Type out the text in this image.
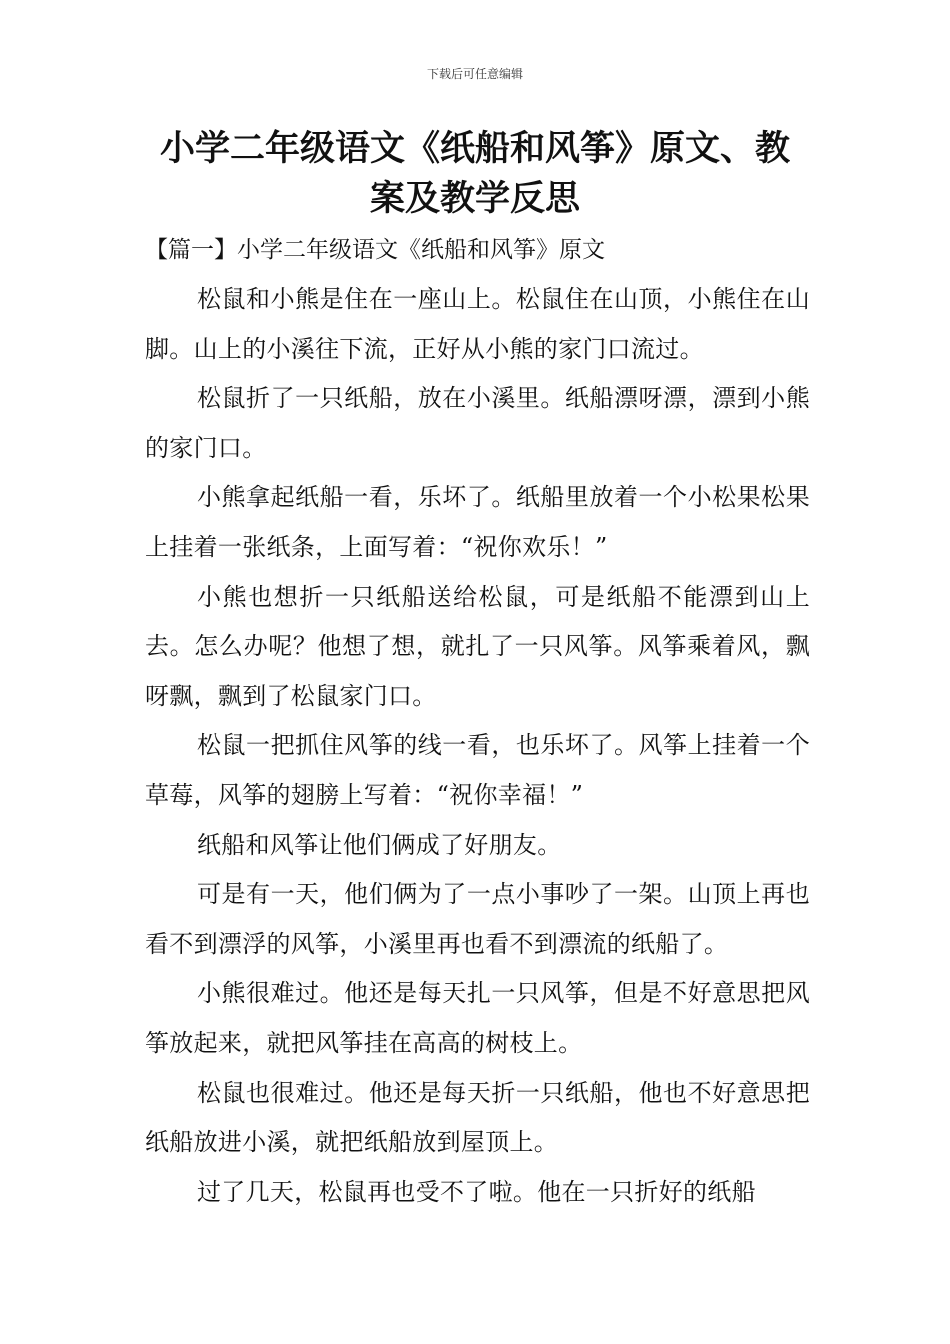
下载后可任意编辑
小学二年级语文《纸船和风筝》原文、教案及教学反思

【篇一】小学二年级语文《纸船和风筝》原文

松鼠和小熊是住在一座山上。松鼠住在山顶，小熊住在山脚。山上的小溪往下流，正好从小熊的家门口流过。

松鼠折了一只纸船，放在小溪里。纸船漂呀漂，漂到小熊的家门口。

小熊拿起纸船一看，乐坏了。纸船里放着一个小松果松果上挂着一张纸条，上面写着：“祝你欢乐！”

小熊也想折一只纸船送给松鼠，可是纸船不能漂到山上去。怎么办呢？他想了想，就扎了一只风筝。风筝乘着风，飘呀飘，飘到了松鼠家门口。

松鼠一把抓住风筝的线一看，也乐坏了。风筝上挂着一个草莓，风筝的翅膀上写着：“祝你幸福！”

纸船和风筝让他们俩成了好朋友。

可是有一天，他们俩为了一点小事吵了一架。山顶上再也看不到漂浮的风筝，小溪里再也看不到漂流的纸船了。

小熊很难过。他还是每天扎一只风筝，但是不好意思把风筝放起来，就把风筝挂在高高的树枝上。

松鼠也很难过。他还是每天折一只纸船，他也不好意思把纸船放进小溪，就把纸船放到屋顶上。

过了几天，松鼠再也受不了啦。他在一只折好的纸船
